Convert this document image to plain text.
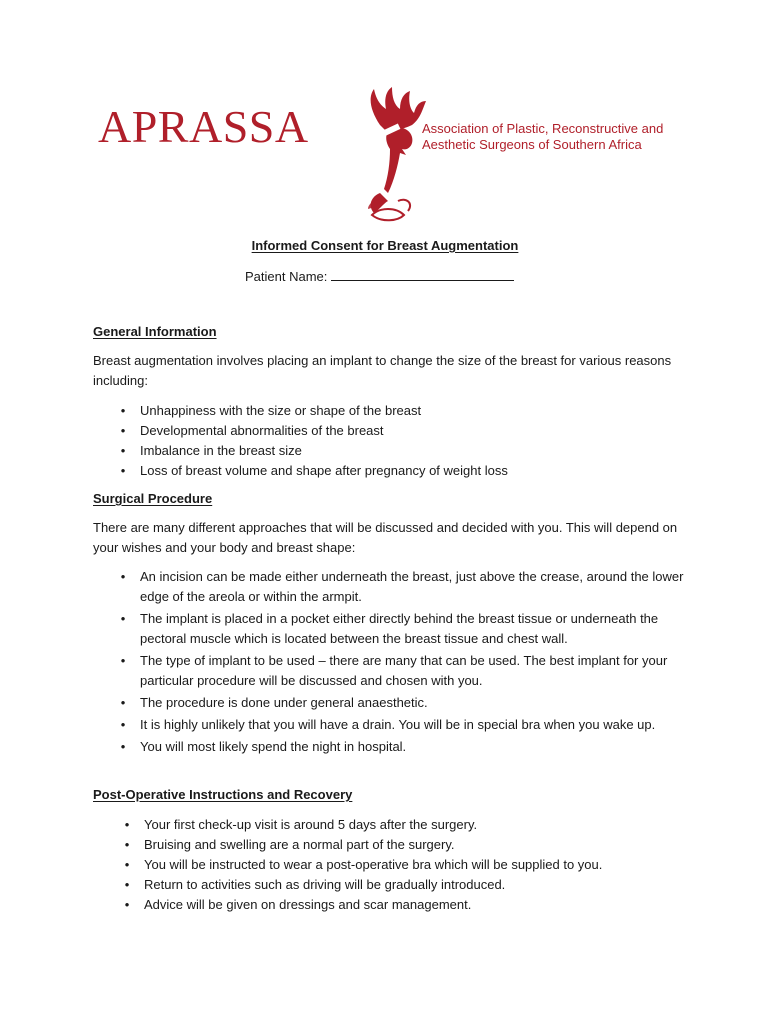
APRASSA	Association of Plastic, Reconstructive and
Aesthetic Surgeons of Southern Africa
Informed Consent for Breast Augmentation
Patient Name:
General Information
Breast augmentation involves placing an implant to change the size of the breast for various reasons including:
• Unhappiness with the size or shape of the breast
• Developmental abnormalities of the breast
• Imbalance in the breast size
• Loss of breast volume and shape after pregnancy of weight loss
Surgical Procedure
There are many different approaches that will be discussed and decided with you. This will depend on your wishes and your body and breast shape:
• An incision can be made either underneath the breast, just above the crease, around the lower edge of the areola or within the armpit.
• The implant is placed in a pocket either directly behind the breast tissue or underneath the pectoral muscle which is located between the breast tissue and chest wall.
• The type of implant to be used – there are many that can be used. The best implant for your particular procedure will be discussed and chosen with you.
• The procedure is done under general anaesthetic.
• It is highly unlikely that you will have a drain. You will be in special bra when you wake up.
• You will most likely spend the night in hospital.
Post-Operative Instructions and Recovery
• Your first check-up visit is around 5 days after the surgery.
• Bruising and swelling are a normal part of the surgery.
• You will be instructed to wear a post-operative bra which will be supplied to you.
• Return to activities such as driving will be gradually introduced.
• Advice will be given on dressings and scar management.
